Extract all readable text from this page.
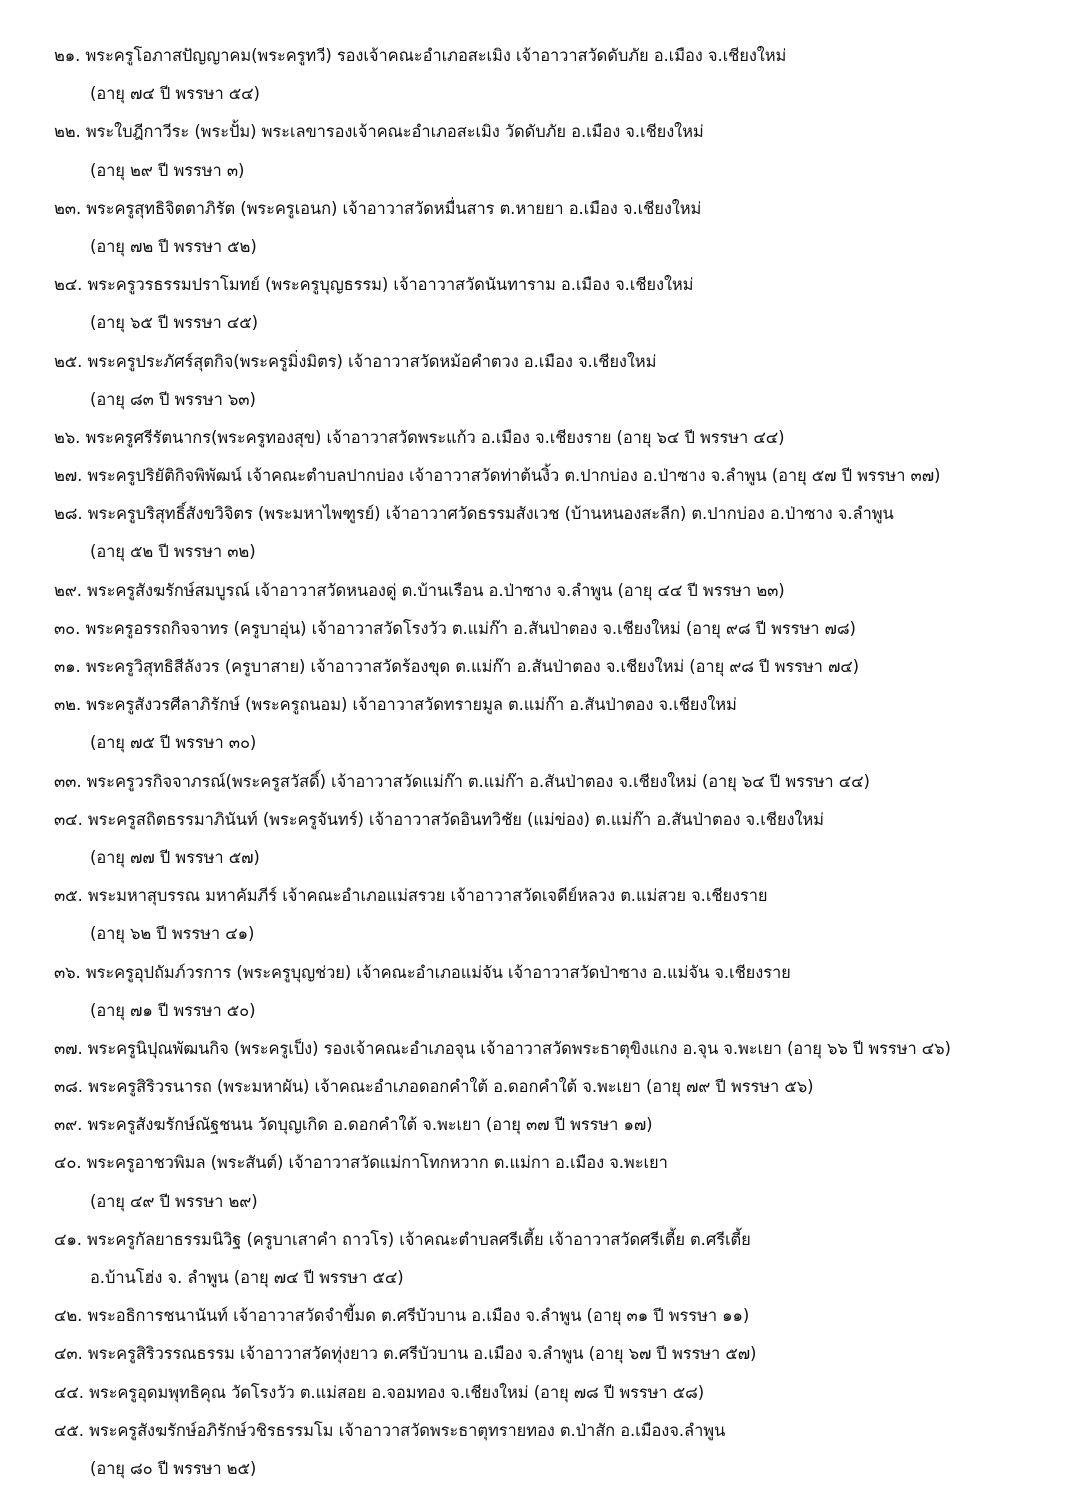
๒๑. พระครูโอภาสปัญญาคม(พระครูทวี) รองเจ้าคณะอำเภอสะเมิง เจ้าอาวาสวัดดับภัย อ.เมือง จ.เชียงใหม่
(อายุ ๗๔ ปี พรรษา ๕๔)
๒๒. พระใบฎีกาวีระ (พระปั้ม) พระเลขารองเจ้าคณะอำเภอสะเมิง วัดดับภัย อ.เมือง จ.เชียงใหม่
(อายุ ๒๙ ปี พรรษา ๓)
๒๓. พระครูสุทธิจิตตาภิรัต (พระครูเอนก) เจ้าอาวาสวัดหมื่นสาร ต.หายยา อ.เมือง จ.เชียงใหม่
(อายุ ๗๒ ปี พรรษา ๕๒)
๒๔. พระครูวรธรรมปราโมทย์ (พระครูบุญธรรม) เจ้าอาวาสวัดนันทาราม อ.เมือง จ.เชียงใหม่
(อายุ ๖๕ ปี พรรษา ๔๕)
๒๕. พระครูประภัศร์สุตกิจ(พระครูมิ่งมิตร) เจ้าอาวาสวัดหม้อคำตวง อ.เมือง จ.เชียงใหม่
(อายุ ๘๓ ปี พรรษา ๖๓)
๒๖. พระครูศรีรัตนากร(พระครูทองสุข) เจ้าอาวาสวัดพระแก้ว อ.เมือง จ.เชียงราย (อายุ ๖๔ ปี พรรษา ๔๔)
๒๗. พระครูปริยัติกิจพิพัฒน์ เจ้าคณะตำบลปากบ่อง เจ้าอาวาสวัดท่าต้นงิ้ว ต.ปากบ่อง อ.ป่าซาง จ.ลำพูน (อายุ ๕๗ ปี พรรษา ๓๗)
๒๘. พระครูบริสุทธิ์สังขวิจิตร (พระมหาไพฑูรย์) เจ้าอาวาศวัดธรรมสังเวช (บ้านหนองสะลีก) ต.ปากบ่อง อ.ป่าซาง จ.ลำพูน
(อายุ ๕๒ ปี พรรษา ๓๒)
๒๙. พระครูสังฆรักษ์สมบูรณ์ เจ้าอาวาสวัดหนองดู่ ต.บ้านเรือน อ.ป่าซาง จ.ลำพูน (อายุ ๔๔ ปี พรรษา ๒๓)
๓๐. พระครูอรรถกิจจาทร (ครูบาอุ่น) เจ้าอาวาสวัดโรงวัว ต.แม่ก๊า อ.สันป่าตอง จ.เชียงใหม่ (อายุ ๙๘ ปี พรรษา ๗๘)
๓๑. พระครูวิสุทธิสีลังวร (ครูบาสาย) เจ้าอาวาสวัดร้องขุด ต.แม่ก๊า อ.สันป่าตอง จ.เชียงใหม่ (อายุ ๙๘ ปี พรรษา ๗๔)
๓๒. พระครูสังวรศีลาภิรักษ์ (พระครูถนอม) เจ้าอาวาสวัดทรายมูล ต.แม่ก๊า อ.สันป่าตอง จ.เชียงใหม่
(อายุ ๗๕ ปี พรรษา ๓๐)
๓๓. พระครูวรกิจจาภรณ์(พระครูสวัสดิ์) เจ้าอาวาสวัดแม่ก๊า ต.แม่ก๊า อ.สันป่าตอง จ.เชียงใหม่ (อายุ ๖๔ ปี พรรษา ๔๔)
๓๔. พระครูสถิตธรรมาภินันท์ (พระครูจันทร์) เจ้าอาวาสวัดอินทวิชัย (แม่ข่อง) ต.แม่ก๊า อ.สันป่าตอง จ.เชียงใหม่
(อายุ ๗๗ ปี พรรษา ๕๗)
๓๕. พระมหาสุบรรณ มหาคัมภีร์ เจ้าคณะอำเภอแม่สรวย เจ้าอาวาสวัดเจดีย์หลวง ต.แม่สวย จ.เชียงราย
(อายุ ๖๒ ปี พรรษา ๔๑)
๓๖. พระครูอุปถัมภ์วรการ (พระครูบุญช่วย) เจ้าคณะอำเภอแม่จัน เจ้าอาวาสวัดป่าซาง อ.แม่จัน จ.เชียงราย
(อายุ ๗๑ ปี พรรษา ๕๐)
๓๗. พระครูนิปุณพัฒนกิจ (พระครูเป็ง) รองเจ้าคณะอำเภอจุน เจ้าอาวาสวัดพระธาตุขิงแกง อ.จุน จ.พะเยา (อายุ ๖๖ ปี พรรษา ๔๖)
๓๘. พระครูสิริวรนารถ (พระมหาผัน) เจ้าคณะอำเภอดอกคำใต้ อ.ดอกคำใต้ จ.พะเยา (อายุ ๗๙ ปี พรรษา ๕๖)
๓๙. พระครูสังฆรักษ์ณัฐชนน วัดบุญเกิด อ.ดอกคำใต้ จ.พะเยา (อายุ ๓๗ ปี พรรษา ๑๗)
๔๐. พระครูอาชวพิมล (พระสันต์) เจ้าอาวาสวัดแม่กาโทกหวาก ต.แม่กา อ.เมือง จ.พะเยา
(อายุ ๔๙ ปี พรรษา ๒๙)
๔๑. พระครูกัลยาธรรมนิวิฐ (ครูบาเสาคำ ถาวโร) เจ้าคณะตำบลศรีเตี้ย เจ้าอาวาสวัดศรีเตี้ย ต.ศรีเตี้ย
อ.บ้านโฮ่ง จ. ลำพูน (อายุ ๗๔ ปี พรรษา ๕๔)
๔๒. พระอธิการชนานันท์ เจ้าอาวาสวัดจำขี้มด ต.ศรีบัวบาน อ.เมือง จ.ลำพูน (อายุ ๓๑ ปี พรรษา ๑๑)
๔๓. พระครูสิริวรรณธรรม เจ้าอาวาสวัดทุ่งยาว ต.ศรีบัวบาน อ.เมือง จ.ลำพูน (อายุ ๖๗ ปี พรรษา ๕๗)
๔๔. พระครูอุดมพุทธิคุณ วัดโรงวัว ต.แม่สอย อ.จอมทอง จ.เชียงใหม่ (อายุ ๗๘ ปี พรรษา ๕๘)
๔๕. พระครูสังฆรักษ์อภิรักษ์วชิรธรรมโม เจ้าอาวาสวัดพระธาตุทรายทอง ต.ป่าสัก อ.เมืองจ.ลำพูน
(อายุ ๘๐ ปี พรรษา ๒๕)
